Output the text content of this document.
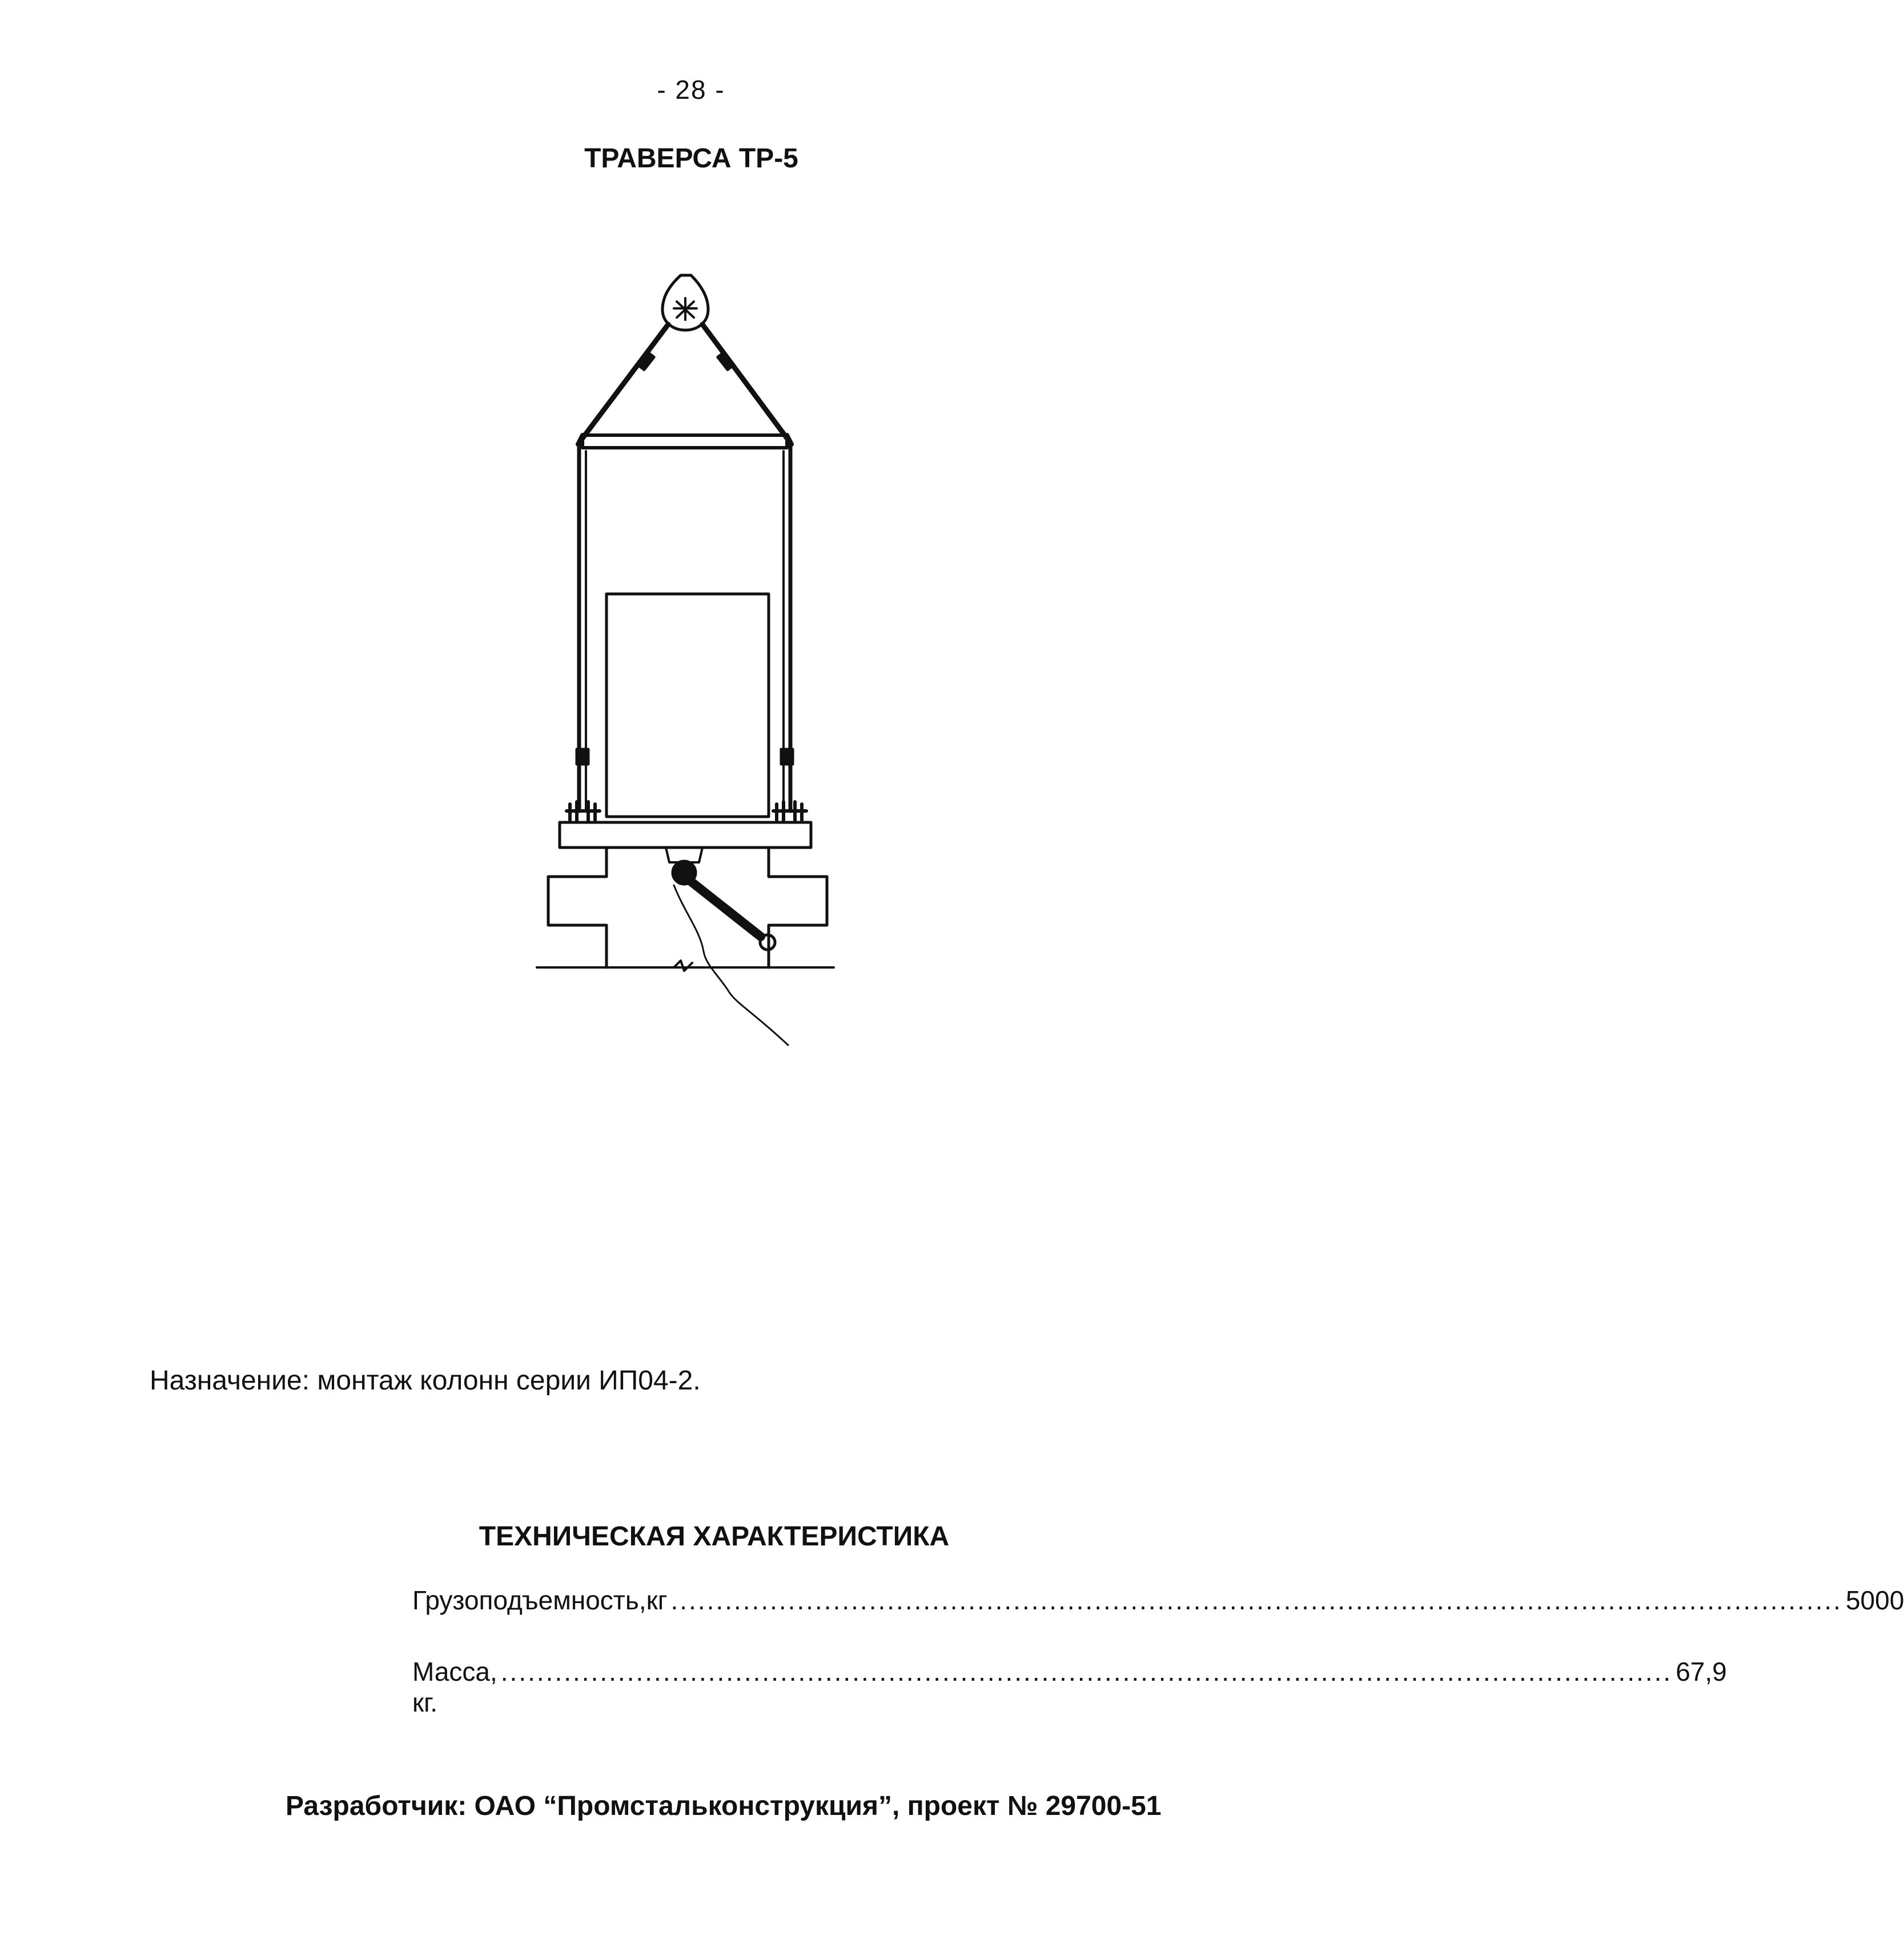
- 28 -
ТРАВЕРСА ТР-5
Назначение: монтаж колонн серии ИП04-2.
ТЕХНИЧЕСКАЯ ХАРАКТЕРИСТИКА
Грузоподъемность,кг .................................................................................................................................. 5000
Масса, кг.
.................................................................................................................................. 67,9
Разработчик: ОАО “Промстальконструкция”, проект № 29700-51
